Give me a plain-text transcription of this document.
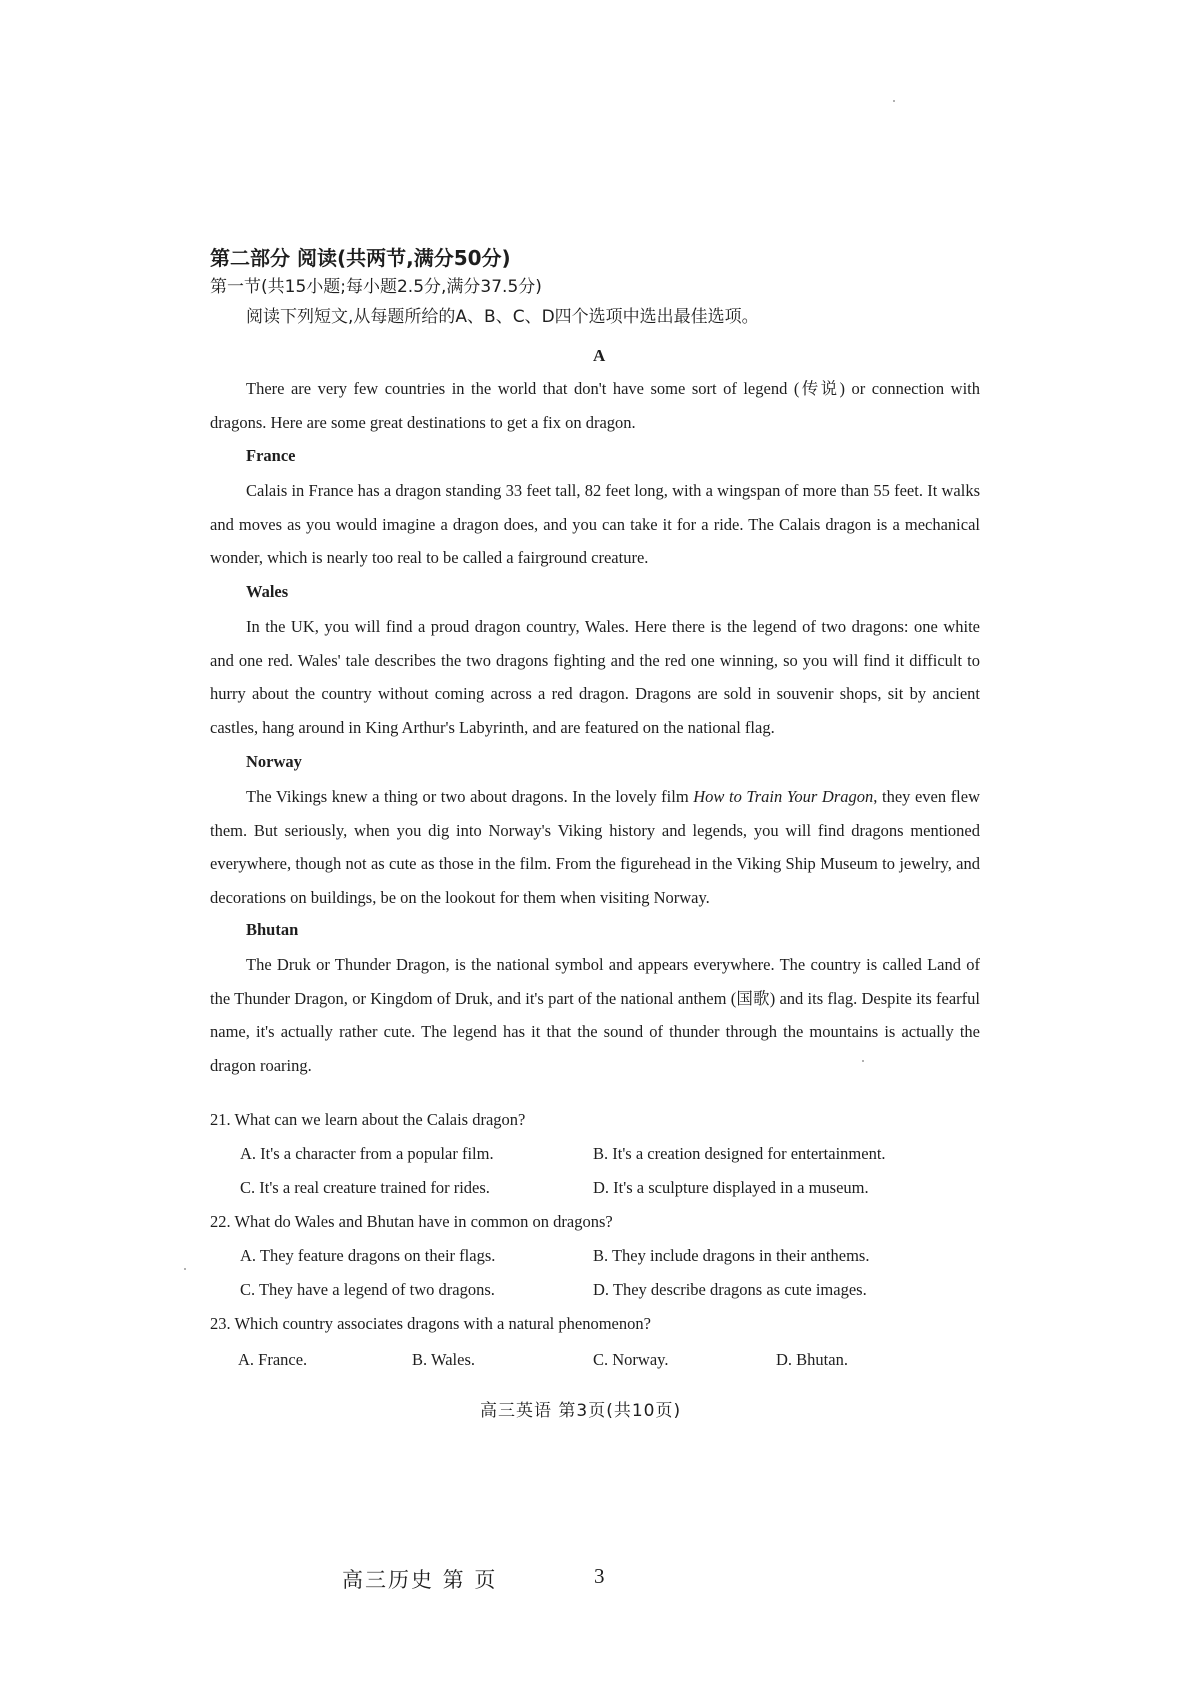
第二部分 阅读(共两节,满分50分)
第一节(共15小题;每小题2.5分,满分37.5分)
阅读下列短文,从每题所给的A、B、C、D四个选项中选出最佳选项。
A
There are very few countries in the world that don't have some sort of legend (传说) or connection with dragons. Here are some great destinations to get a fix on dragon.
France
Calais in France has a dragon standing 33 feet tall, 82 feet long, with a wingspan of more than 55 feet. It walks and moves as you would imagine a dragon does, and you can take it for a ride. The Calais dragon is a mechanical wonder, which is nearly too real to be called a fairground creature.
Wales
In the UK, you will find a proud dragon country, Wales. Here there is the legend of two dragons: one white and one red. Wales' tale describes the two dragons fighting and the red one winning, so you will find it difficult to hurry about the country without coming across a red dragon. Dragons are sold in souvenir shops, sit by ancient castles, hang around in King Arthur's Labyrinth, and are featured on the national flag.
Norway
The Vikings knew a thing or two about dragons. In the lovely film How to Train Your Dragon, they even flew them. But seriously, when you dig into Norway's Viking history and legends, you will find dragons mentioned everywhere, though not as cute as those in the film. From the figurehead in the Viking Ship Museum to jewelry, and decorations on buildings, be on the lookout for them when visiting Norway.
Bhutan
The Druk or Thunder Dragon, is the national symbol and appears everywhere. The country is called Land of the Thunder Dragon, or Kingdom of Druk, and it's part of the national anthem (国歌) and its flag. Despite its fearful name, it's actually rather cute. The legend has it that the sound of thunder through the mountains is actually the dragon roaring.
21. What can we learn about the Calais dragon?
A. It's a character from a popular film.	B. It's a creation designed for entertainment.
C. It's a real creature trained for rides.	D. It's a sculpture displayed in a museum.
22. What do Wales and Bhutan have in common on dragons?
A. They feature dragons on their flags.	B. They include dragons in their anthems.
C. They have a legend of two dragons.	D. They describe dragons as cute images.
23. Which country associates dragons with a natural phenomenon?
A. France.	B. Wales.	C. Norway.	D. Bhutan.
高三英语 第3页(共10页)
高三历史 第 页	3
